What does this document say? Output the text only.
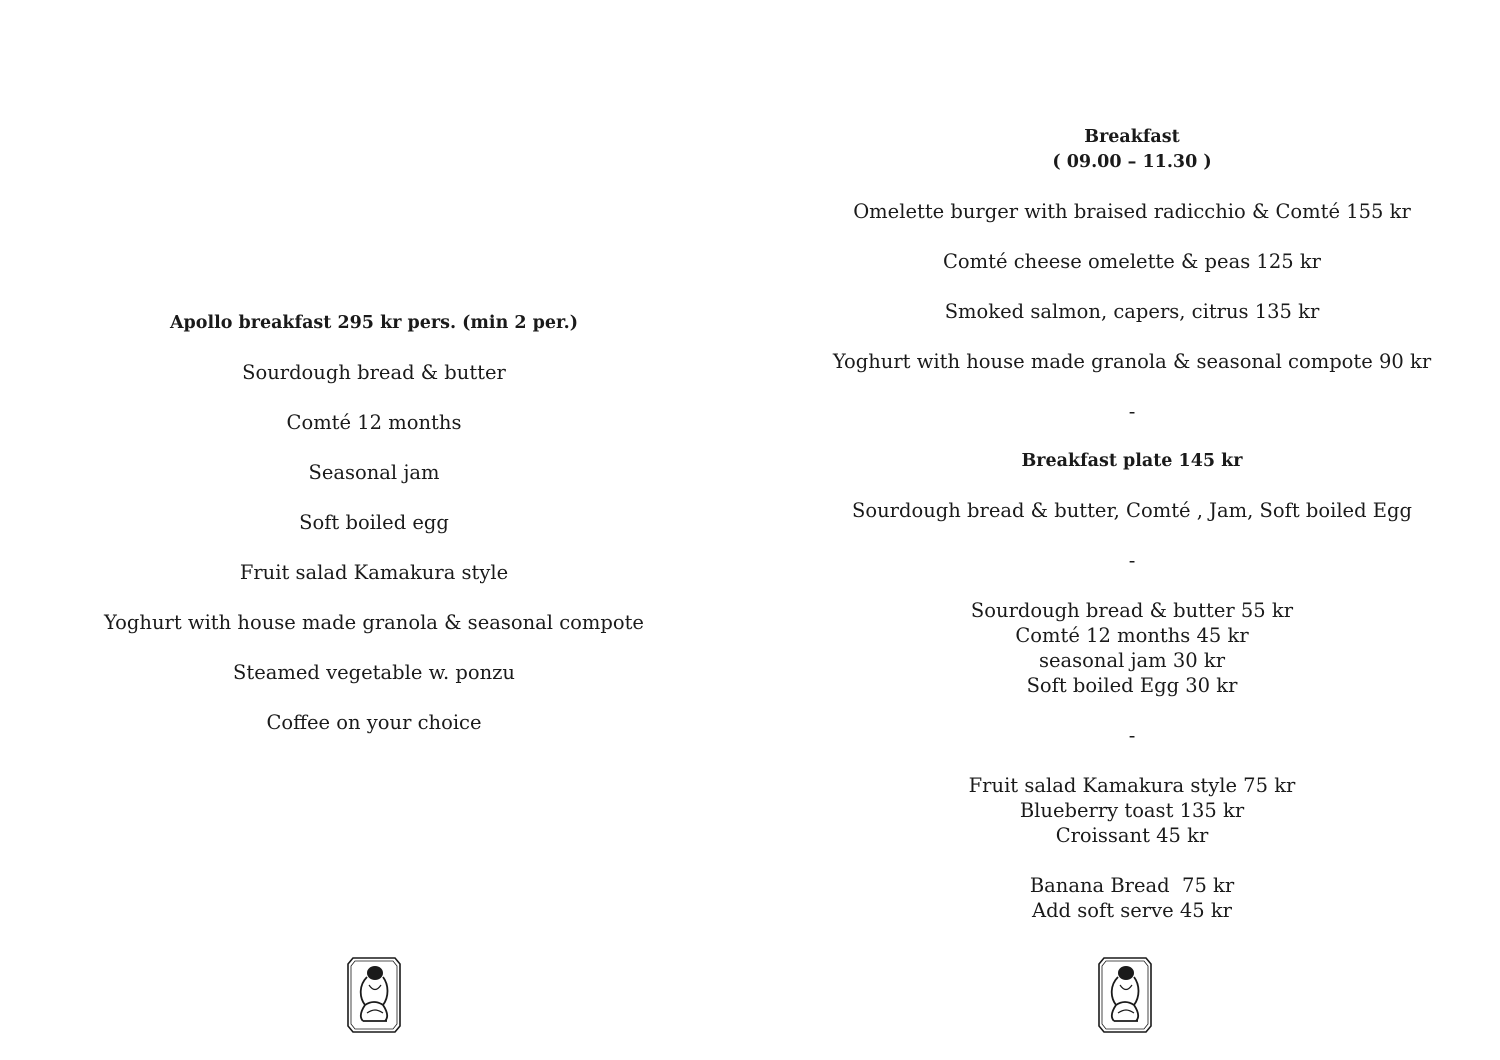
Apollo breakfast 295 kr pers. (min 2 per.)
Sourdough bread & butter
Comté 12 months
Seasonal jam
Soft boiled egg
Fruit salad Kamakura style
Yoghurt with house made granola & seasonal compote
Steamed vegetable w. ponzu
Coffee on your choice
Breakfast
( 09.00 – 11.30 )
Omelette burger with braised radicchio & Comté 155 kr
Comté cheese omelette & peas 125 kr
Smoked salmon, capers, citrus 135 kr
Yoghurt with house made granola & seasonal compote 90 kr
-
Breakfast plate 145 kr
Sourdough bread & butter, Comté , Jam, Soft boiled Egg
-
Sourdough bread & butter 55 kr
Comté 12 months 45 kr
seasonal jam 30 kr
Soft boiled Egg 30 kr
-
Fruit salad Kamakura style 75 kr
Blueberry toast 135 kr
Croissant 45 kr
Banana Bread  75 kr
Add soft serve 45 kr
